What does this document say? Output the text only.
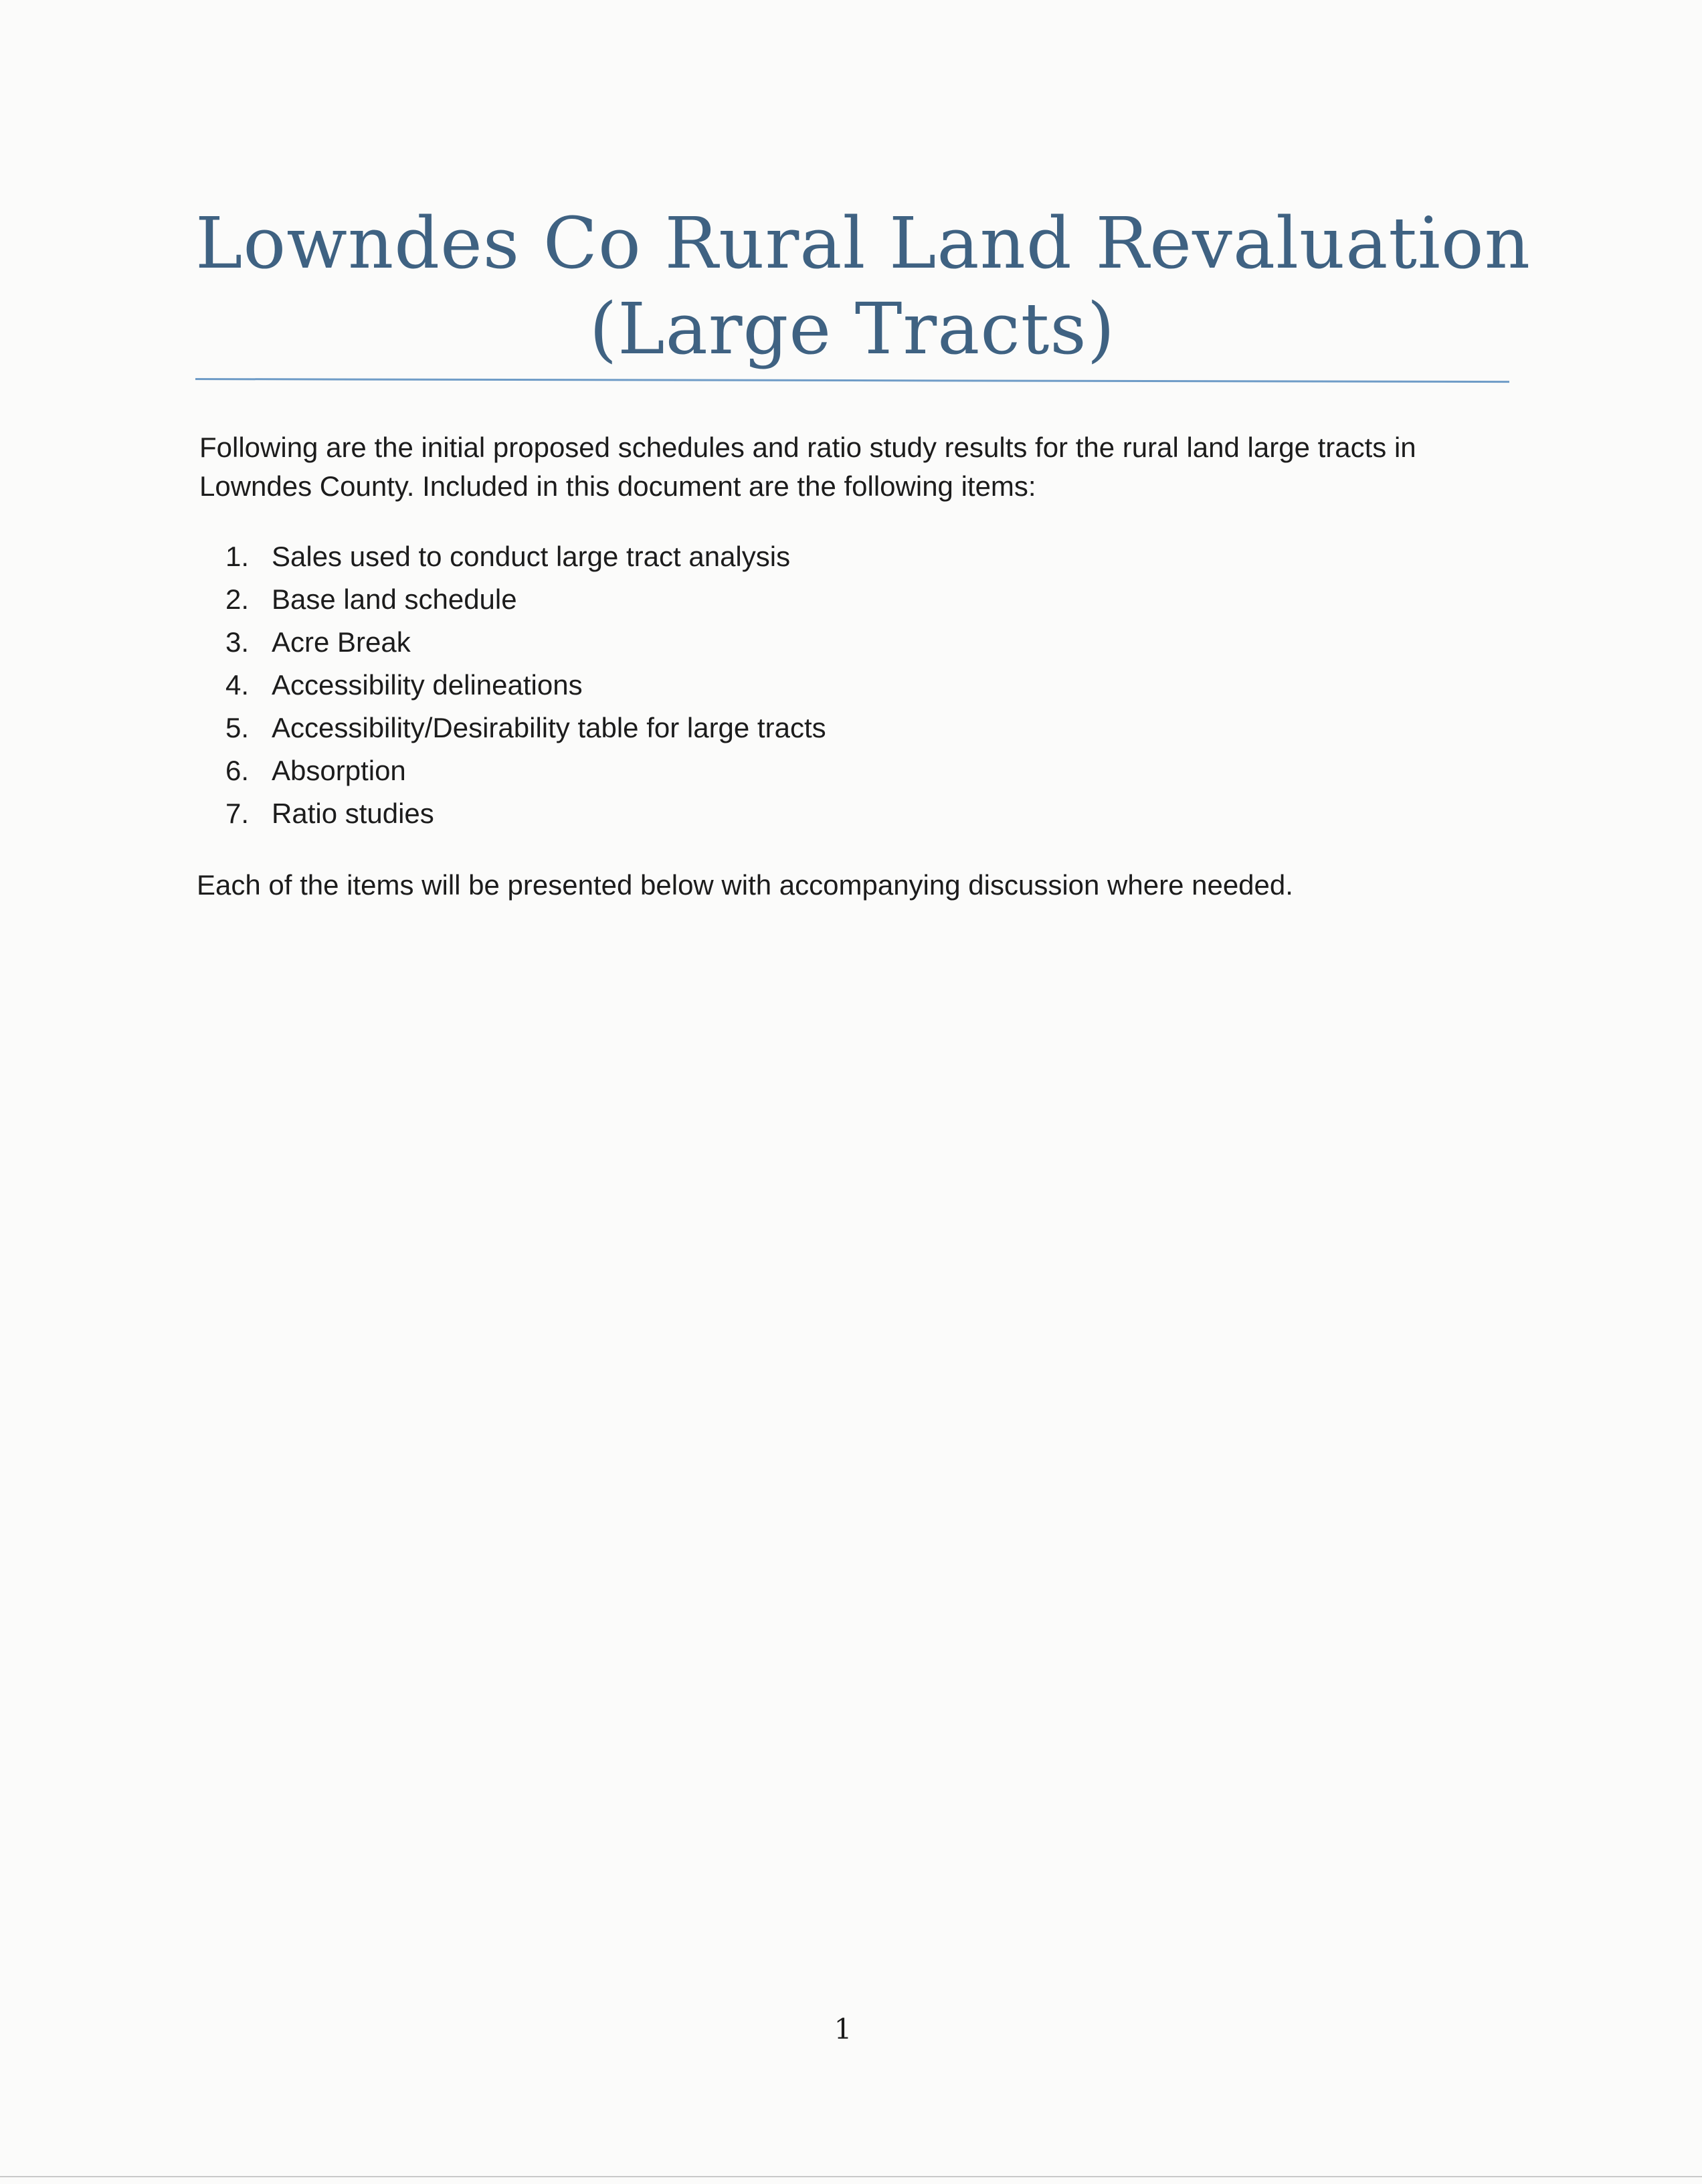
Lowndes Co Rural Land Revaluation
(Large Tracts)

Following are the initial proposed schedules and ratio study results for the rural land large tracts in Lowndes County. Included in this document are the following items:

1. Sales used to conduct large tract analysis
2. Base land schedule
3. Acre Break
4. Accessibility delineations
5. Accessibility/Desirability table for large tracts
6. Absorption
7. Ratio studies

Each of the items will be presented below with accompanying discussion where needed.

1
